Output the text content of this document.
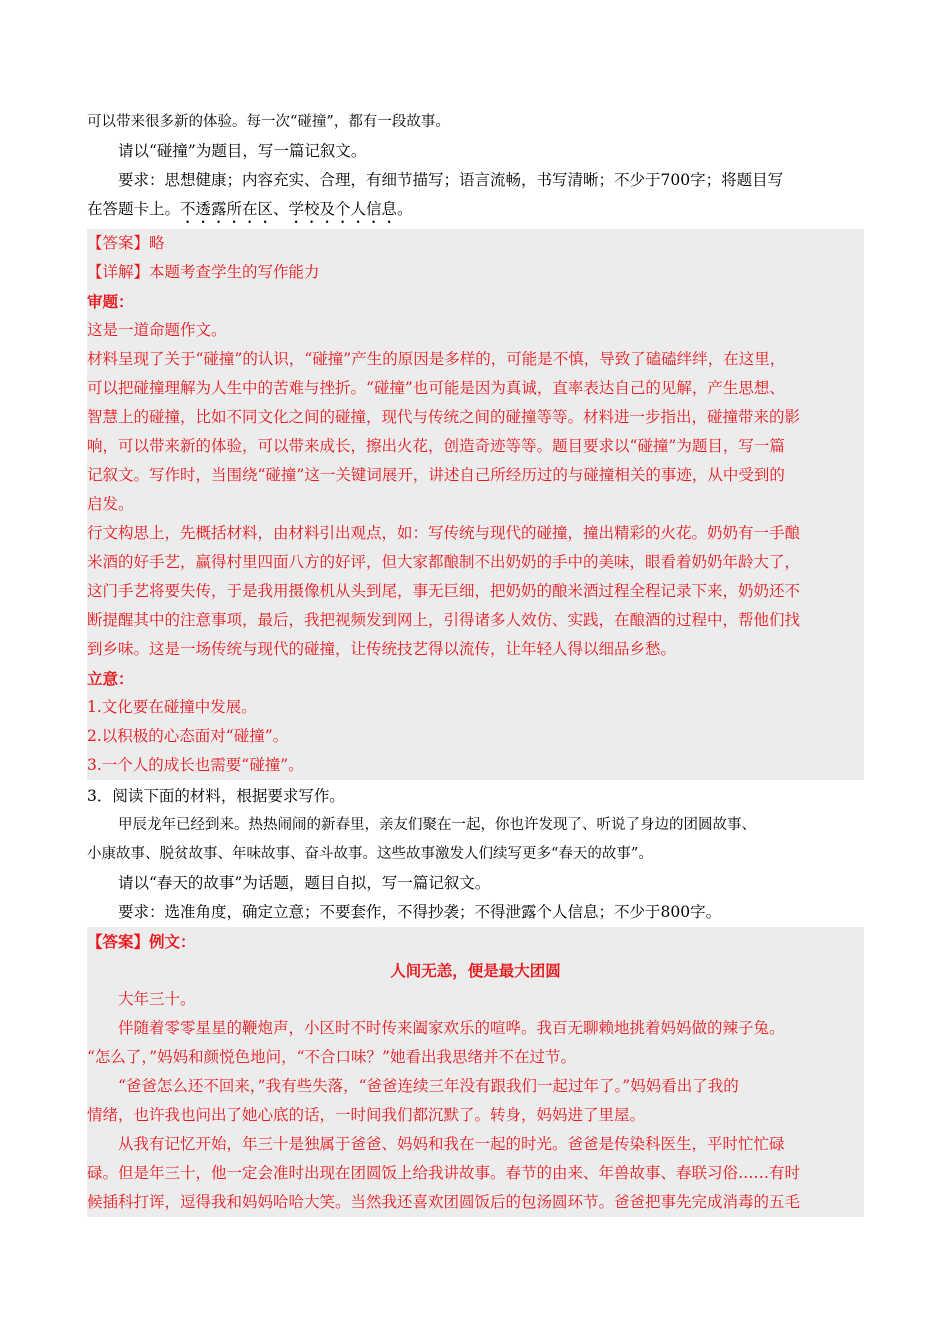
可以带来很多新的体验。每一次“碰撞”，都有一段故事。

请以“碰撞”为题目，写一篇记叙文。

要求：思想健康；内容充实、合理，有细节描写；语言流畅，书写清晰；不少于700字；将题目写

在答题卡上。不透露所在区、学校及个人信息。

【答案】略

【详解】本题考查学生的写作能力

审题：

这是一道命题作文。

材料呈现了关于“碰撞”的认识，“碰撞”产生的原因是多样的，可能是不慎，导致了磕磕绊绊，在这里，

可以把碰撞理解为人生中的苦难与挫折。“碰撞”也可能是因为真诚，直率表达自己的见解，产生思想、

智慧上的碰撞，比如不同文化之间的碰撞，现代与传统之间的碰撞等等。材料进一步指出，碰撞带来的影

响，可以带来新的体验，可以带来成长，擦出火花，创造奇迹等等。题目要求以“碰撞”为题目，写一篇

记叙文。写作时，当围绕“碰撞”这一关键词展开，讲述自己所经历过的与碰撞相关的事迹，从中受到的

启发。

行文构思上，先概括材料，由材料引出观点，如：写传统与现代的碰撞，撞出精彩的火花。奶奶有一手酿

米酒的好手艺，赢得村里四面八方的好评，但大家都酿制不出奶奶的手中的美味，眼看着奶奶年龄大了，

这门手艺将要失传，于是我用摄像机从头到尾，事无巨细，把奶奶的酿米酒过程全程记录下来，奶奶还不

断提醒其中的注意事项，最后，我把视频发到网上，引得诸多人效仿、实践，在酿酒的过程中，帮他们找

到乡味。这是一场传统与现代的碰撞，让传统技艺得以流传，让年轻人得以细品乡愁。

立意：

1.文化要在碰撞中发展。

2.以积极的心态面对“碰撞”。

3.一个人的成长也需要“碰撞”。

3．阅读下面的材料，根据要求写作。

甲辰龙年已经到来。热热闹闹的新春里，亲友们聚在一起，你也许发现了、听说了身边的团圆故事、

小康故事、脱贫故事、年味故事、奋斗故事。这些故事激发人们续写更多“春天的故事”。

请以“春天的故事”为话题，题目自拟，写一篇记叙文。

要求：选准角度，确定立意；不要套作，不得抄袭；不得泄露个人信息；不少于800字。

【答案】例文：

人间无恙，便是最大团圆

大年三十。

伴随着零零星星的鞭炮声，小区时不时传来阖家欢乐的喧哗。我百无聊赖地挑着妈妈做的辣子兔。

“怎么了，”妈妈和颜悦色地问，“不合口味？”她看出我思绪并不在过节。

“爸爸怎么还不回来，”我有些失落，“爸爸连续三年没有跟我们一起过年了。”妈妈看出了我的

情绪，也许我也问出了她心底的话，一时间我们都沉默了。转身，妈妈进了里屋。

从我有记忆开始，年三十是独属于爸爸、妈妈和我在一起的时光。爸爸是传染科医生，平时忙忙碌

碌。但是年三十，他一定会准时出现在团圆饭上给我讲故事。春节的由来、年兽故事、春联习俗……有时

候插科打诨，逗得我和妈妈哈哈大笑。当然我还喜欢团圆饭后的包汤圆环节。爸爸把事先完成消毒的五毛
